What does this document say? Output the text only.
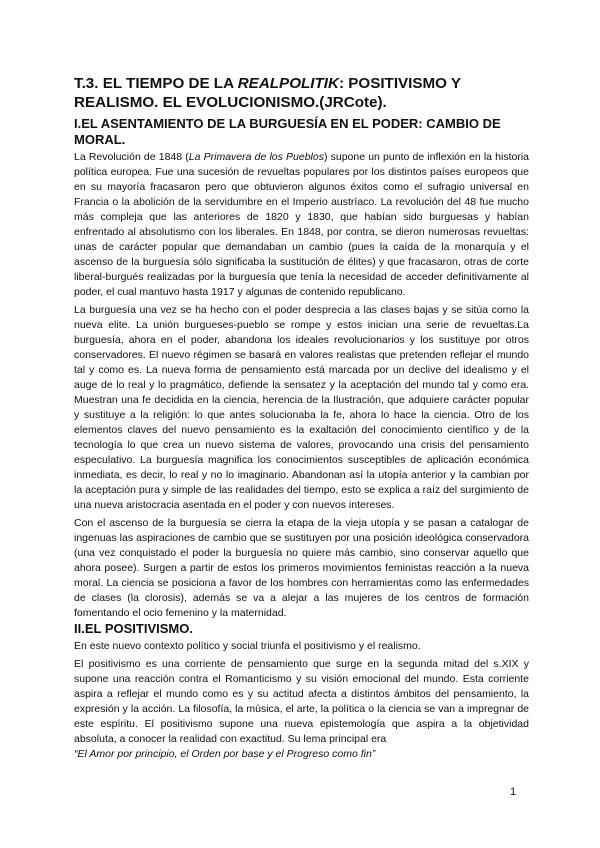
T.3. EL TIEMPO DE LA REALPOLITIK: POSITIVISMO Y REALISMO. EL EVOLUCIONISMO.(JRCote).
I.EL ASENTAMIENTO DE LA BURGUESÍA EN EL PODER: CAMBIO DE MORAL.

La Revolución de 1848 (La Primavera de los Pueblos) supone un punto de inflexión en la historia política europea. Fue una sucesión de revueltas populares por los distintos países europeos que en su mayoría fracasaron pero que obtuvieron algunos éxitos como el sufragio universal en Francia o la abolición de la servidumbre en el Imperio austríaco. La revolución del 48 fue mucho más compleja que las anteriores de 1820 y 1830, que habían sido burguesas y habían enfrentado al absolutismo con los liberales. En 1848, por contra, se dieron numerosas revueltas: unas de carácter popular que demandaban un cambio (pues la caída de la monarquía y el ascenso de la burguesía sólo significaba la sustitución de élites) y que fracasaron, otras de corte liberal-burgués realizadas por la burguesía que tenía la necesidad de acceder definitivamente al poder, el cual mantuvo hasta 1917 y algunas de contenido republicano.

La burguesía una vez se ha hecho con el poder desprecia a las clases bajas y se sitúa como la nueva elite. La unión burgueses-pueblo se rompe y estos inician una serie de revueltas.La burguesía, ahora en el poder, abandona los ideales revolucionarios y los sustituye por otros conservadores. El nuevo régimen se basará en valores realistas que pretenden reflejar el mundo tal y como es. La nueva forma de pensamiento está marcada por un declive del idealismo y el auge de lo real y lo pragmático, defiende la sensatez y la aceptación del mundo tal y como era. Muestran una fe decidida en la ciencia, herencia de la Ilustración, que adquiere carácter popular y sustituye a la religión: lo que antes solucionaba la fe, ahora lo hace la ciencia. Otro de los elementos claves del nuevo pensamiento es la exaltación del conocimiento científico y de la tecnología lo que crea un nuevo sistema de valores, provocando una crisis del pensamiento especulativo. La burguesía magnifica los conocimientos susceptibles de aplicación económica inmediata, es decir, lo real y no lo imaginario. Abandonan así la utopía anterior y la cambian por la aceptación pura y simple de las realidades del tiempo, esto se explica a raíz del surgimiento de una nueva aristocracia asentada en el poder y con nuevos intereses.

Con el ascenso de la burguesía se cierra la etapa de la vieja utopía y se pasan a catalogar de ingenuas las aspiraciones de cambio que se sustituyen por una posición ideológica conservadora (una vez conquistado el poder la burguesía no quiere más cambio, sino conservar aquello que ahora posee). Surgen a partir de estos los primeros movimientos feministas reacción a la nueva moral. La ciencia se posiciona a favor de los hombres con herramientas como las enfermedades de clases (la clorosis), además se va a alejar a las mujeres de los centros de formación fomentando el ocio femenino y la maternidad.

II.EL POSITIVISMO.

En este nuevo contexto político y social triunfa el positivismo y el realismo.

El positivismo es una corriente de pensamiento que surge en la segunda mitad del s.XIX y supone una reacción contra el Romanticismo y su visión emocional del mundo. Esta corriente aspira a reflejar el mundo como es y su actitud afecta a distintos ámbitos del pensamiento, la expresión y la acción. La filosofía, la música, el arte, la política o la ciencia se van a impregnar de este espíritu. El positivismo supone una nueva epistemología que aspira a la objetividad absoluta, a conocer la realidad con exactitud. Su lema principal era
“El Amor por principio, el Orden por base y el Progreso como fin”

1
